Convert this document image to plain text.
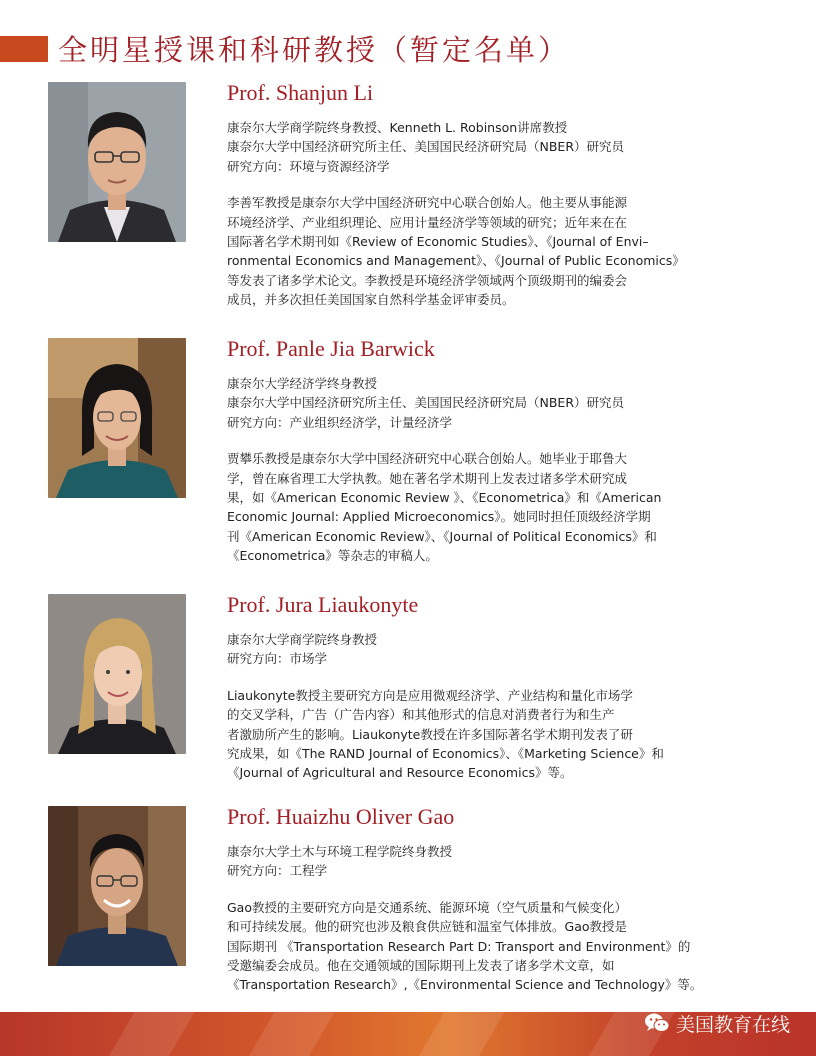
全明星授课和科研教授（暂定名单）
Prof. Shanjun Li
康奈尔大学商学院终身教授、Kenneth L. Robinson讲席教授
康奈尔大学中国经济研究所主任、美国国民经济研究局（NBER）研究员
研究方向：环境与资源经济学
李善军教授是康奈尔大学中国经济研究中心联合创始人。他主要从事能源
环境经济学、产业组织理论、应用计量经济学等领域的研究；近年来在在
国际著名学术期刊如《Review of Economic Studies》、《Journal of Envi–
ronmental Economics and Management》、《Journal of Public Economics》
等发表了诸多学术论文。李教授是环境经济学领域两个顶级期刊的编委会
成员，并多次担任美国国家自然科学基金评审委员。
Prof. Panle Jia Barwick
康奈尔大学经济学终身教授
康奈尔大学中国经济研究所主任、美国国民经济研究局（NBER）研究员
研究方向：产业组织经济学，计量经济学
贾攀乐教授是康奈尔大学中国经济研究中心联合创始人。她毕业于耶鲁大
学，曾在麻省理工大学执教。她在著名学术期刊上发表过诸多学术研究成
果，如《American Economic Review 》、《Econometrica》和《American
Economic Journal: Applied Microeconomics》。她同时担任顶级经济学期
刊《American Economic Review》、《Journal of Political Economics》和
《Econometrica》等杂志的审稿人。
Prof. Jura Liaukonyte
康奈尔大学商学院终身教授
研究方向：市场学
Liaukonyte教授主要研究方向是应用微观经济学、产业结构和量化市场学
的交叉学科，广告（广告内容）和其他形式的信息对消费者行为和生产
者激励所产生的影响。Liaukonyte教授在许多国际著名学术期刊发表了研
究成果，如《The RAND Journal of Economics》、《Marketing Science》和
《Journal of Agricultural and Resource Economics》等。
Prof. Huaizhu Oliver Gao
康奈尔大学土木与环境工程学院终身教授
研究方向：工程学
Gao教授的主要研究方向是交通系统、能源环境（空气质量和气候变化）
和可持续发展。他的研究也涉及粮食供应链和温室气体排放。Gao教授是
国际期刊 《Transportation Research Part D: Transport and Environment》的
受邀编委会成员。他在交通领域的国际期刊上发表了诸多学术文章，如
《Transportation Research》,《Environmental Science and Technology》等。
美国教育在线
